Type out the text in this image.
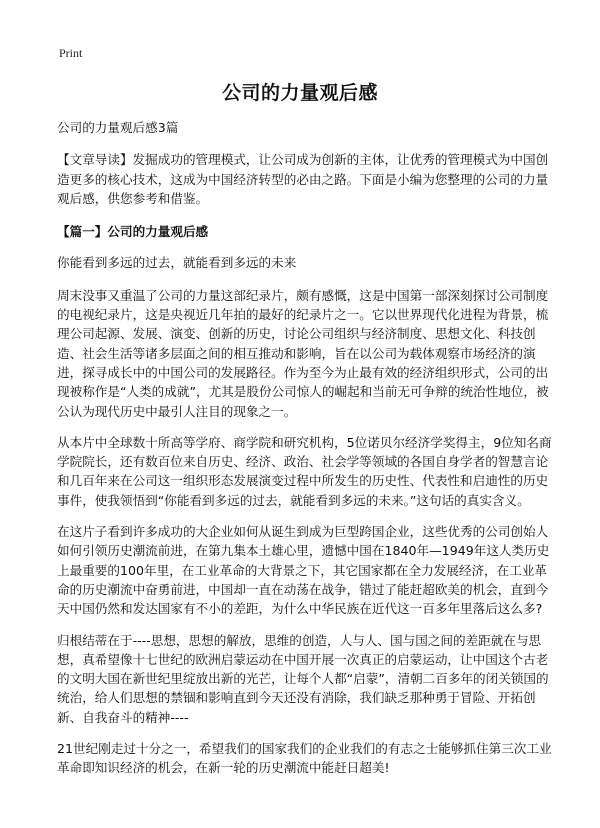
Print
公司的力量观后感

公司的力量观后感3篇

【文章导读】发掘成功的管理模式，让公司成为创新的主体，让优秀的管理模式为中国创造更多的核心技术，这成为中国经济转型的必由之路。下面是小编为您整理的公司的力量观后感，供您参考和借鉴。

【篇一】公司的力量观后感

你能看到多远的过去，就能看到多远的未来

周末没事又重温了公司的力量这部纪录片，颇有感慨，这是中国第一部深刻探讨公司制度的电视纪录片，这是央视近几年拍的最好的纪录片之一。它以世界现代化进程为背景，梳理公司起源、发展、演变、创新的历史，讨论公司组织与经济制度、思想文化、科技创造、社会生活等诸多层面之间的相互推动和影响，旨在以公司为载体观察市场经济的演进，探寻成长中的中国公司的发展路径。作为至今为止最有效的经济组织形式，公司的出现被称作是“人类的成就”，尤其是股份公司惊人的崛起和当前无可争辩的统治性地位，被公认为现代历史中最引人注目的现象之一。

从本片中全球数十所高等学府、商学院和研究机构，5位诺贝尔经济学奖得主，9位知名商学院院长，还有数百位来自历史、经济、政治、社会学等领域的各国自身学者的智慧言论和几百年来在公司这一组织形态发展演变过程中所发生的历史性、代表性和启迪性的历史事件，使我领悟到“你能看到多远的过去，就能看到多远的未来。”这句话的真实含义。

在这片子看到许多成功的大企业如何从诞生到成为巨型跨国企业，这些优秀的公司创始人如何引领历史潮流前进，在第九集本土雄心里，遗憾中国在1840年—1949年这人类历史上最重要的100年里，在工业革命的大背景之下，其它国家都在全力发展经济，在工业革命的历史潮流中奋勇前进，中国却一直在动荡在战争，错过了能赶超欧美的机会，直到今天中国仍然和发达国家有不小的差距，为什么中华民族在近代这一百多年里落后这么多?

归根结蒂在于----思想，思想的解放，思维的创造，人与人、国与国之间的差距就在与思想，真希望像十七世纪的欧洲启蒙运动在中国开展一次真正的启蒙运动，让中国这个古老的文明大国在新世纪里绽放出新的光芒，让每个人都“启蒙”，清朝二百多年的闭关锁国的统治，给人们思想的禁锢和影响直到今天还没有消除，我们缺乏那种勇于冒险、开拓创新、自我奋斗的精神----

21世纪刚走过十分之一，希望我们的国家我们的企业我们的有志之士能够抓住第三次工业革命即知识经济的机会，在新一轮的历史潮流中能赶日超美!
